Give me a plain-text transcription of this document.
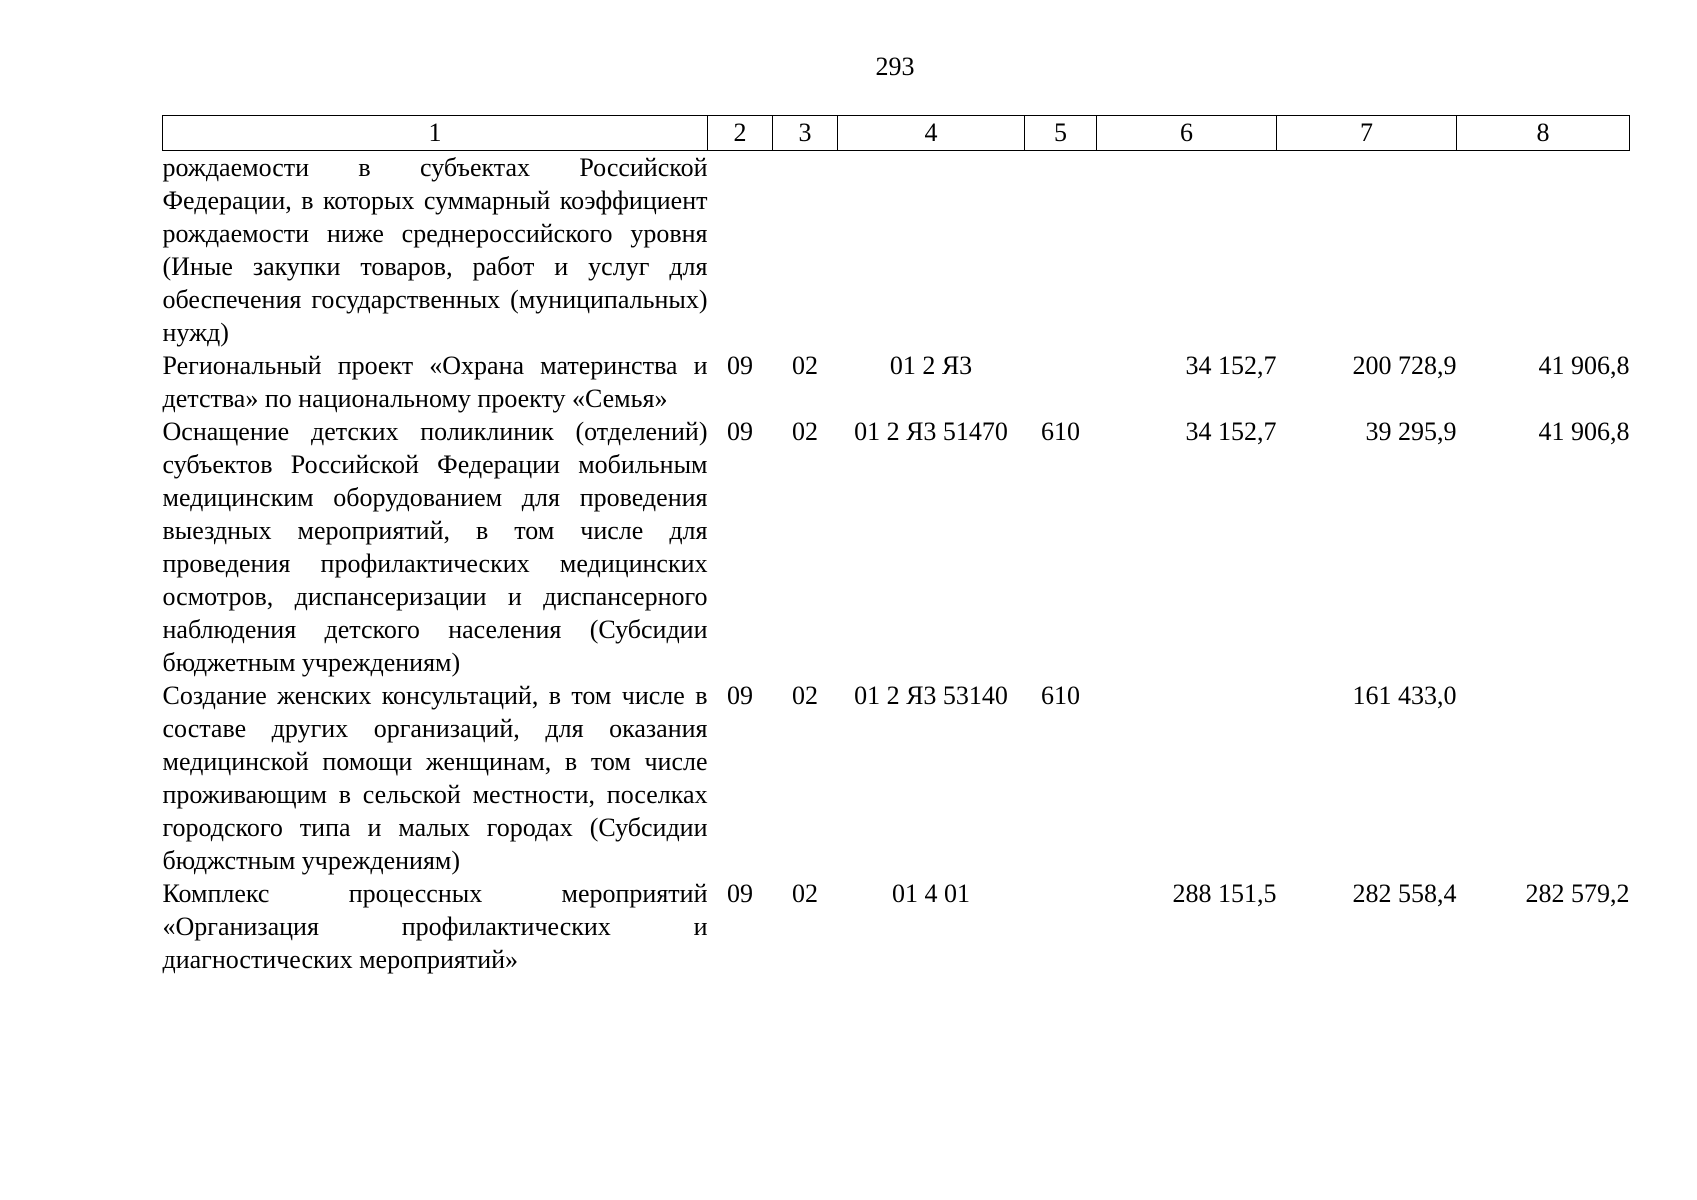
293
1	2	3	4	5	6	7	8
рождаемости в субъектах Российской Федерации, в которых суммарный коэффициент рождаемости ниже среднероссийского уровня (Иные закупки товаров, работ и услуг для обеспечения государственных (муниципальных) нужд)							
Региональный проект «Охрана материнства и детства» по национальному проекту «Семья»	09	02	01 2 Я3		34 152,7	200 728,9	41 906,8
Оснащение детских поликлиник (отделений) субъектов Российской Федерации мобильным медицинским оборудованием для проведения выездных мероприятий, в том числе для проведения профилактических медицинских осмотров, диспансеризации и диспансерного наблюдения детского населения (Субсидии бюджетным учреждениям)	09	02	01 2 Я3 51470	610	34 152,7	39 295,9	41 906,8
Создание женских консультаций, в том числе в составе других организаций, для оказания медицинской помощи женщинам, в том числе проживающим в сельской местности, поселках городского типа и малых городах (Субсидии бюджстным учреждениям)	09	02	01 2 Я3 53140	610		161 433,0	
Комплекс процессных мероприятий «Организация профилактических и диагностических мероприятий»	09	02	01 4 01		288 151,5	282 558,4	282 579,2
